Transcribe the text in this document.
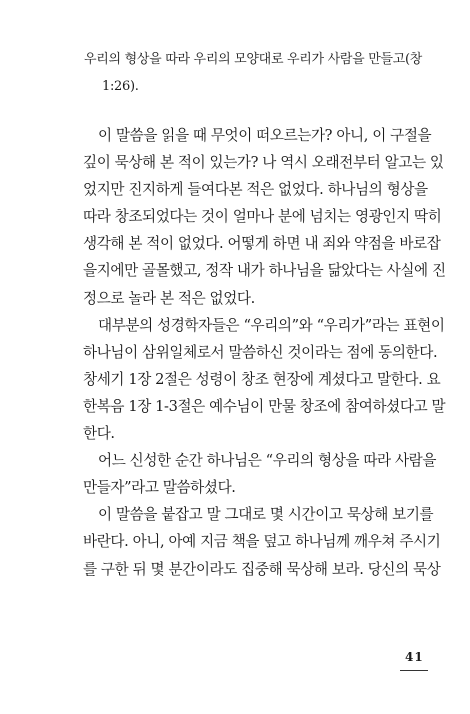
우리의 형상을 따라 우리의 모양대로 우리가 사람을 만들고(창
1:26).
이 말씀을 읽을 때 무엇이 떠오르는가? 아니, 이 구절을
깊이 묵상해 본 적이 있는가? 나 역시 오래전부터 알고는 있
었지만 진지하게 들여다본 적은 없었다. 하나님의 형상을
따라 창조되었다는 것이 얼마나 분에 넘치는 영광인지 딱히
생각해 본 적이 없었다. 어떻게 하면 내 죄와 약점을 바로잡
을지에만 골몰했고, 정작 내가 하나님을 닮았다는 사실에 진
정으로 놀라 본 적은 없었다.
대부분의 성경학자들은 “우리의”와 “우리가”라는 표현이
하나님이 삼위일체로서 말씀하신 것이라는 점에 동의한다.
창세기 1장 2절은 성령이 창조 현장에 계셨다고 말한다. 요
한복음 1장 1-3절은 예수님이 만물 창조에 참여하셨다고 말
한다.
어느 신성한 순간 하나님은 “우리의 형상을 따라 사람을
만들자”라고 말씀하셨다.
이 말씀을 붙잡고 말 그대로 몇 시간이고 묵상해 보기를
바란다. 아니, 아예 지금 책을 덮고 하나님께 깨우쳐 주시기
를 구한 뒤 몇 분간이라도 집중해 묵상해 보라. 당신의 묵상
41
